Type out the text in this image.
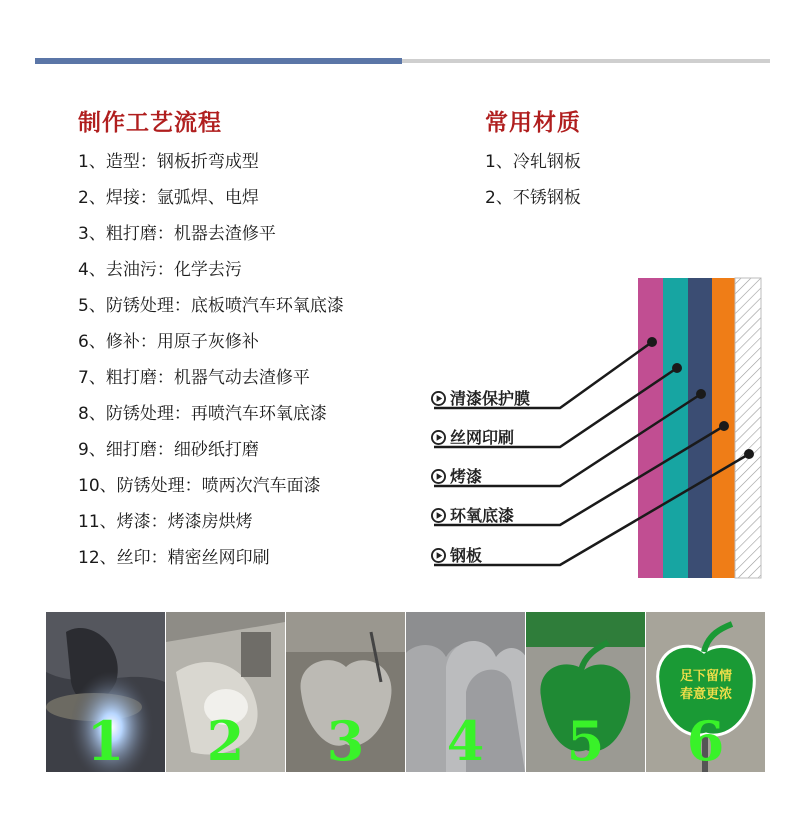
制作工艺流程
1、造型：钢板折弯成型
2、焊接：氩弧焊、电焊
3、粗打磨：机器去渣修平
4、去油污：化学去污
5、防锈处理：底板喷汽车环氧底漆
6、修补：用原子灰修补
7、粗打磨：机器气动去渣修平
8、防锈处理：再喷汽车环氧底漆
9、细打磨：细砂纸打磨
10、防锈处理：喷两次汽车面漆
11、烤漆：烤漆房烘烤
12、丝印：精密丝网印刷
常用材质
1、冷轧钢板
2、不锈钢板
清漆保护膜
丝网印刷
烤漆
环氧底漆
钢板
1	2	3	4	5
足下留情
春意更浓
6
